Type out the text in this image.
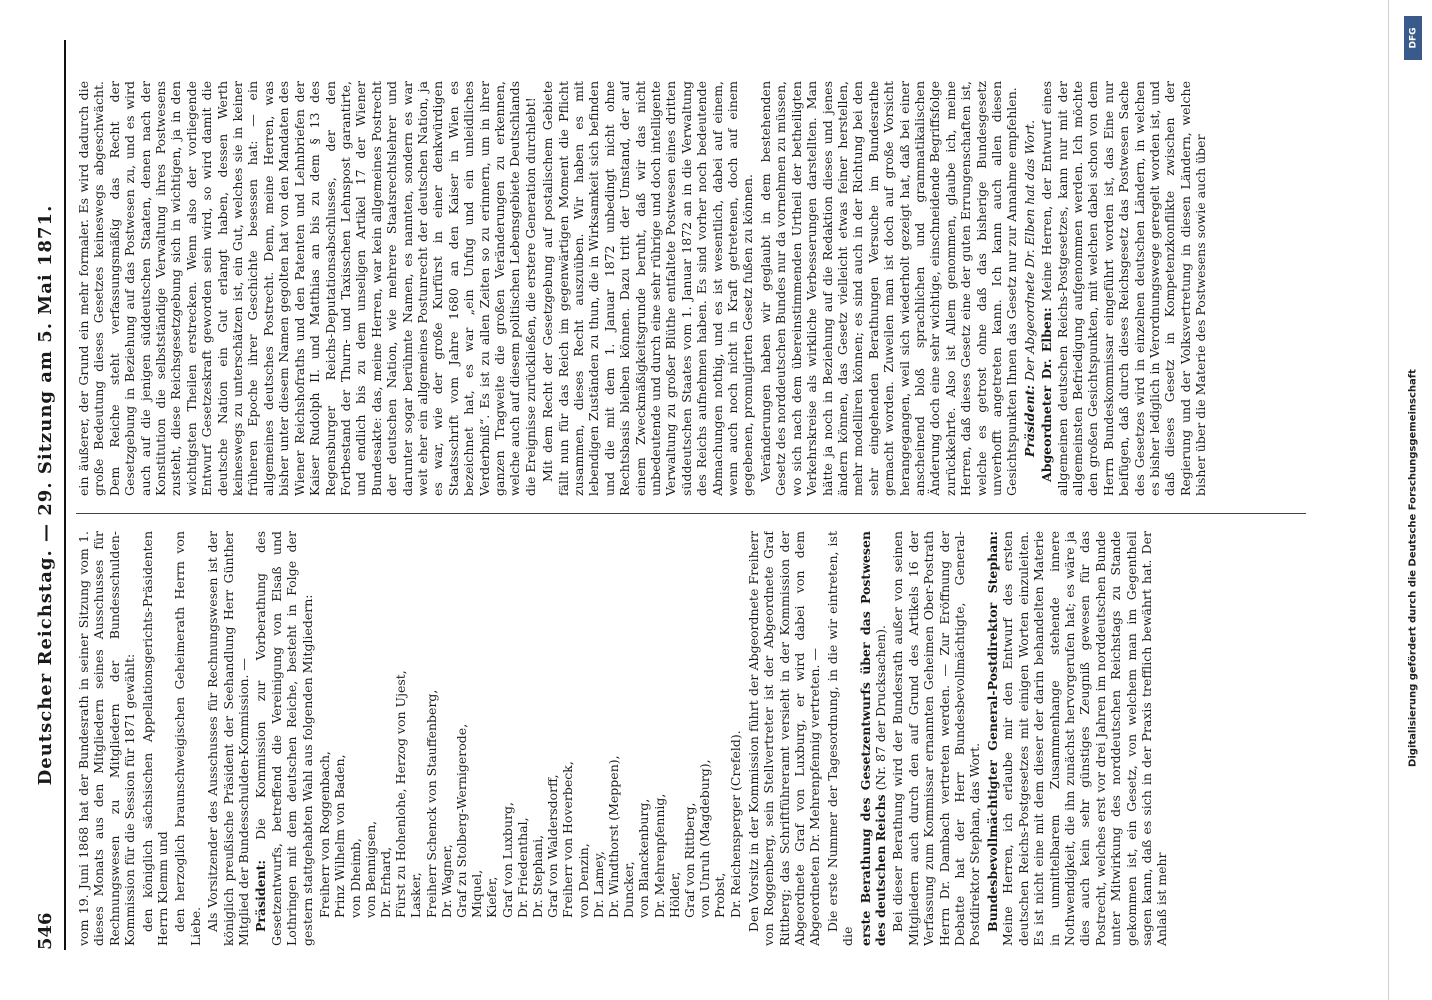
546
Deutscher Reichstag. — 29. Sitzung am 5. Mai 1871. vom 19. Juni 1868 hat der Bundesrath in seiner Sitzung vom 1. dieses Monats aus den Mitgliedern seines Ausschusses für Rechnungswesen zu Mitgliedern der Bundesschulden-Kommission für die Session für 1871 gewählt: den königlich sächsischen Appellationsgerichts-Präsidenten Herrn Klemm und den herzoglich braunschweigischen Geheimerath Herrn von Liebe. Als Vorsitzender des Ausschusses für Rechnungswesen ist der königlich preußische Präsident der Seehandlung Herr Günther Mitglied der Bundesschulden-Kommission. — Präsident: Die Kommission zur Vorberathung des Gesetzentwurfs, betreffend die Vereinigung von Elsaß und Lothringen mit dem deutschen Reiche, besteht in Folge der gestern stattgehabten Wahl aus folgenden Mitgliedern: Freiherr von Roggenbach, Prinz Wilhelm von Baden, von Dheimb, von Bennigsen, Dr. Erhard, Fürst zu Hohenlohe, Herzog von Ujest, Lasker, Freiherr Schenck von Stauffenberg, Dr. Wagner, Graf zu Stolberg-Wernigerode, Miquel, Kiefer, Graf von Luxburg, Dr. Friedenthal, Dr. Stephani, Graf von Waldersdorff, Freiherr von Hoverbeck, von Denzin, Dr. Lamey, Dr. Windthorst (Meppen), Duncker, von Blanckenburg, Dr. Mehrenpfennig, Hölder, Graf von Rittberg, von Unruh (Magdeburg), Probst, Dr. Reichensperger (Crefeld). Den Vorsitz in der Kommission führt der Abgeordnete Freiherr von Roggenberg, sein Stellvertreter ist der Abgeordnete Graf Rittberg; das Schriftführeramt versieht in der Kommission der Abgeordnete Graf von Luxburg, er wird dabei von dem Abgeordneten Dr. Mehrenpfennig vertreten. — Die erste Nummer der Tagesordnung, in die wir eintreten, ist die erste Berathung des Gesetzentwurfs über das Postwesen des deutschen Reichs (Nr. 87 der Drucksachen). Bei dieser Berathung wird der Bundesrath außer von seinen Mitgliedern auch durch den auf Grund des Artikels 16 der Verfassung zum Kommissar ernannten Geheimen Ober-Postrath Herrn Dr. Dambach vertreten werden. — Zur Eröffnung der Debatte hat der Herr Bundesbevollmächtigte, General-Postdirektor Stephan, das Wort. Bundesbevollmächtigter General-Postdirektor Stephan: Meine Herren, ich erlaube mir den Entwurf des ersten deutschen Reichs-Postgesetzes mit einigen Worten einzuleiten. Es ist nicht eine mit dem dieser der darin behandelten Materie in unmittelbarem Zusammenhange stehende innere Nothwendigkeit, die ihn zunächst hervorgerufen hat; es wäre ja dies auch kein sehr günstiges Zeugniß gewesen für das Postrecht, welches erst vor drei Jahren im norddeutschen Bunde unter Mitwirkung des norddeutschen Reichstags zu Stande gekommen ist, ein Gesetz, von welchem man im Gegentheil sagen kann, daß es sich in der Praxis trefflich bewährt hat. Der Anlaß ist mehr

ein äußerer, der Grund ein mehr formaler. Es wird dadurch die große Bedeutung dieses Gesetzes keineswegs abgeschwächt. Dem Reiche steht verfassungsmäßig das Recht der Gesetzgebung in Beziehung auf das Postwesen zu, und es wird auch auf die jenigen süddeutschen Staaten, denen nach der Konstitution die selbstständige Verwaltung ihres Postwesens zusteht, diese Reichsgesetzgebung sich in wichtigen, ja in den wichtigsten Theilen erstrecken. Wenn also der vorliegende Entwurf Gesetzeskraft geworden sein wird, so wird damit die deutsche Nation ein Gut erlangt haben, dessen Werth keineswegs zu unterschätzen ist, ein Gut, welches sie in keiner früheren Epoche ihrer Geschichte besessen hat: — ein allgemeines deutsches Postrecht. Denn, meine Herren, was bisher unter diesem Namen gegolten hat von den Mandaten des Wiener Reichshofraths und den Patenten und Lehnbriefen der Kaiser Rudolph II. und Matthias an bis zu dem § 13 des Regensburger Reichs-Deputationsabschlusses, der den Fortbestand der Thurn- und Taxisschen Lehnspost garantirte, und endlich bis zu dem unseligen Artikel 17 der Wiener Bundesakte: das, meine Herren, war kein allgemeines Postrecht der deutschen Nation, wie mehrere Staatsrechtslehrer und darunter sogar berühmte Namen, es nannten, sondern es war weit eher ein allgemeines Postunrecht der deutschen Nation, ja es war, wie der große Kurfürst in einer denkwürdigen Staatsschrift vom Jahre 1680 an den Kaiser in Wien es bezeichnet hat, es war „ein Unfug und ein unleidliches Verderbniß“. Es ist zu allen Zeiten so zu erinnern, um in ihrer ganzen Tragweite die großen Veränderungen zu erkennen, welche auch auf diesem politischen Lebensgebiete Deutschlands die Ereignisse zurückließen, die erstere Generation durchlebt! Mit dem Recht der Gesetzgebung auf postalischem Gebiete fällt nun für das Reich im gegenwärtigen Moment die Pflicht zusammen, dieses Recht auszuüben. Wir haben es mit lebendigen Zuständen zu thun, die in Wirksamkeit sich befinden und die mit dem 1. Januar 1872 unbedingt nicht ohne Rechtsbasis bleiben können. Dazu tritt der Umstand, der auf einem Zweckmäßigkeitsgrunde beruht, daß wir das nicht unbedeutende und durch eine sehr rührige und doch intelligente Verwaltung zu großer Blüthe entfaltete Postwesen eines dritten süddeutschen Staates vom 1. Januar 1872 an in die Verwaltung des Reichs aufnehmen haben. Es sind vorher noch bedeutende Abmachungen nothig, und es ist wesentlich, dabei auf einem, wenn auch noch nicht in Kraft getretenen, doch auf einem gegebenen, promulgirten Gesetz fußen zu können. Veränderungen haben wir geglaubt in dem bestehenden Gesetz des norddeutschen Bundes nur da vornehmen zu müssen, wo sich nach dem übereinstimmenden Urtheil der betheiligten Verkehrskreise als wirkliche Verbesserungen darstellten. Man hätte ja noch in Beziehung auf die Redaktion dieses und jenes ändern können, das Gesetz vielleicht etwas feiner herstellen, mehr modelliren können; es sind auch in der Richtung bei den sehr eingehenden Berathungen Versuche im Bundesrathe gemacht worden. Zuweilen man ist doch auf große Vorsicht herangegangen, weil sich wiederholt gezeigt hat, daß bei einer anscheinend bloß sprachlichen und grammatikalischen Änderung doch eine sehr wichtige, einschneidende Begriffsfolge zurückkehrte. Also ist Allem genommen, glaube ich, meine Herren, daß dieses Gesetz eine der guten Errungenschaften ist, welche es getrost ohne daß das bisherige Bundesgesetz unverhofft angetreten kann. Ich kann auch allen diesen Gesichtspunkten Ihnen das Gesetz nur zur Annahme empfehlen. Präsident: Der Abgeordnete Dr. Elben hat das Wort.

Abgeordneter Dr. Elben: Meine Herren, der Entwurf eines allgemeinen deutschen Reichs-Postgesetzes, kann nur mit der allgemeinsten Befriedigung aufgenommen werden. Ich möchte den großen Gesichtspunkten, mit welchen dabei schon von dem Herrn Bundeskommissar eingeführt worden ist, das Eine nur beifügen, daß durch dieses Reichsgesetz das Postwesen Sache des Gesetzes wird in einzelnen deutschen Ländern, in welchen es bisher lediglich in Verordnungswege geregelt worden ist, und daß dieses Gesetz in Kompetenzkonflikte zwischen der Regierung und der Volksvertretung in diesen Ländern, welche bisher über die Materie des Postwesens sowie auch über

DFG
Digitalisierung gefördert durch die Deutsche Forschungsgemeinschaft
